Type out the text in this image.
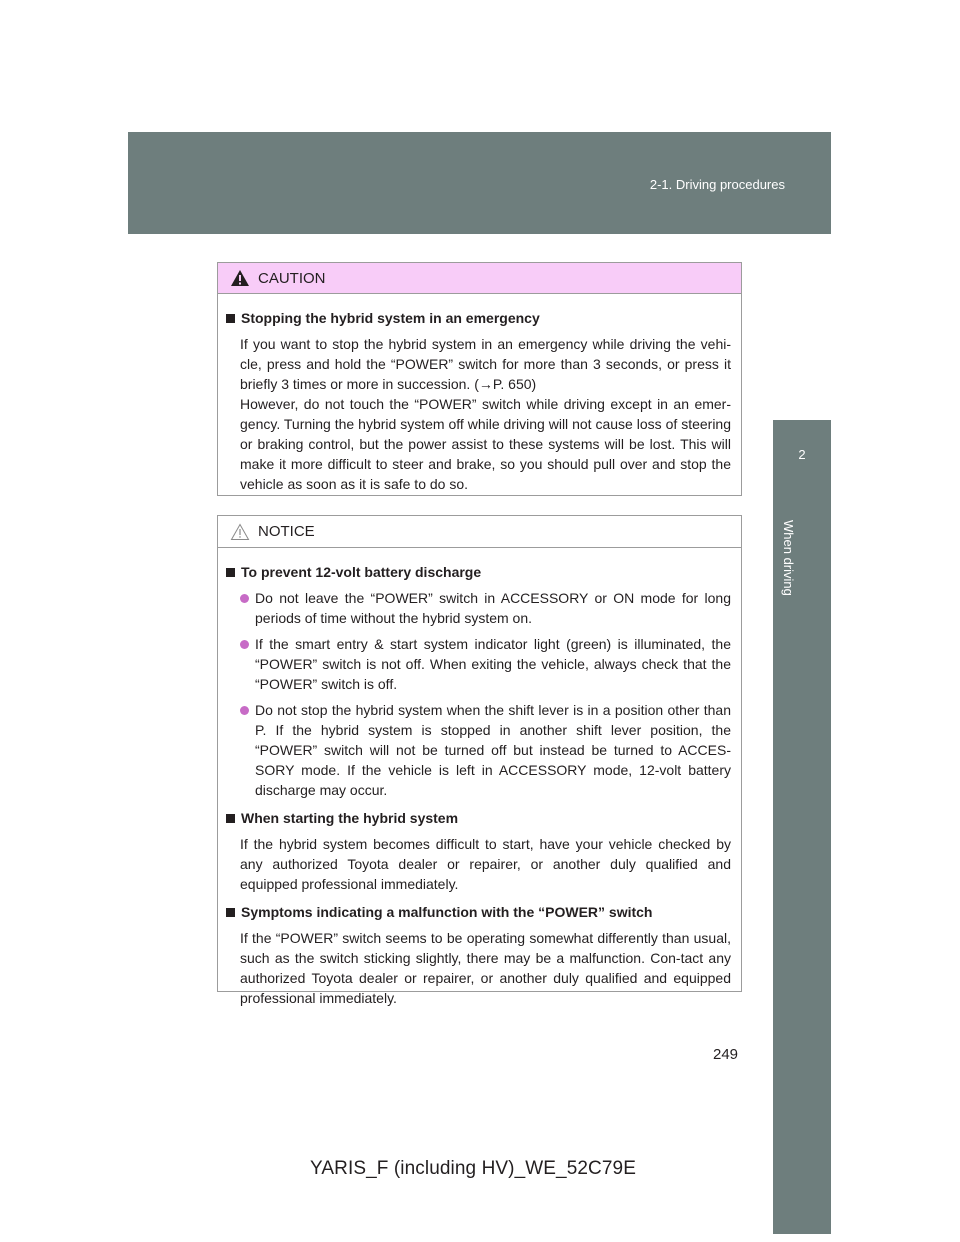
2-1. Driving procedures
2
When driving
CAUTION
Stopping the hybrid system in an emergency
If you want to stop the hybrid system in an emergency while driving the vehi-cle, press and hold the “POWER” switch for more than 3 seconds, or press it briefly 3 times or more in succession. (→P. 650)
However, do not touch the “POWER” switch while driving except in an emer-gency. Turning the hybrid system off while driving will not cause loss of steering or braking control, but the power assist to these systems will be lost. This will make it more difficult to steer and brake, so you should pull over and stop the vehicle as soon as it is safe to do so.
NOTICE
To prevent 12-volt battery discharge
Do not leave the “POWER” switch in ACCESSORY or ON mode for long periods of time without the hybrid system on.
If the smart entry & start system indicator light (green) is illuminated, the “POWER” switch is not off. When exiting the vehicle, always check that the “POWER” switch is off.
Do not stop the hybrid system when the shift lever is in a position other than P. If the hybrid system is stopped in another shift lever position, the “POWER” switch will not be turned off but instead be turned to ACCES-SORY mode. If the vehicle is left in ACCESSORY mode, 12-volt battery discharge may occur.
When starting the hybrid system
If the hybrid system becomes difficult to start, have your vehicle checked by any authorized Toyota dealer or repairer, or another duly qualified and equipped professional immediately.
Symptoms indicating a malfunction with the “POWER” switch
If the “POWER” switch seems to be operating somewhat differently than usual, such as the switch sticking slightly, there may be a malfunction. Con-tact any authorized Toyota dealer or repairer, or another duly qualified and equipped professional immediately.
249
YARIS_F (including HV)_WE_52C79E
